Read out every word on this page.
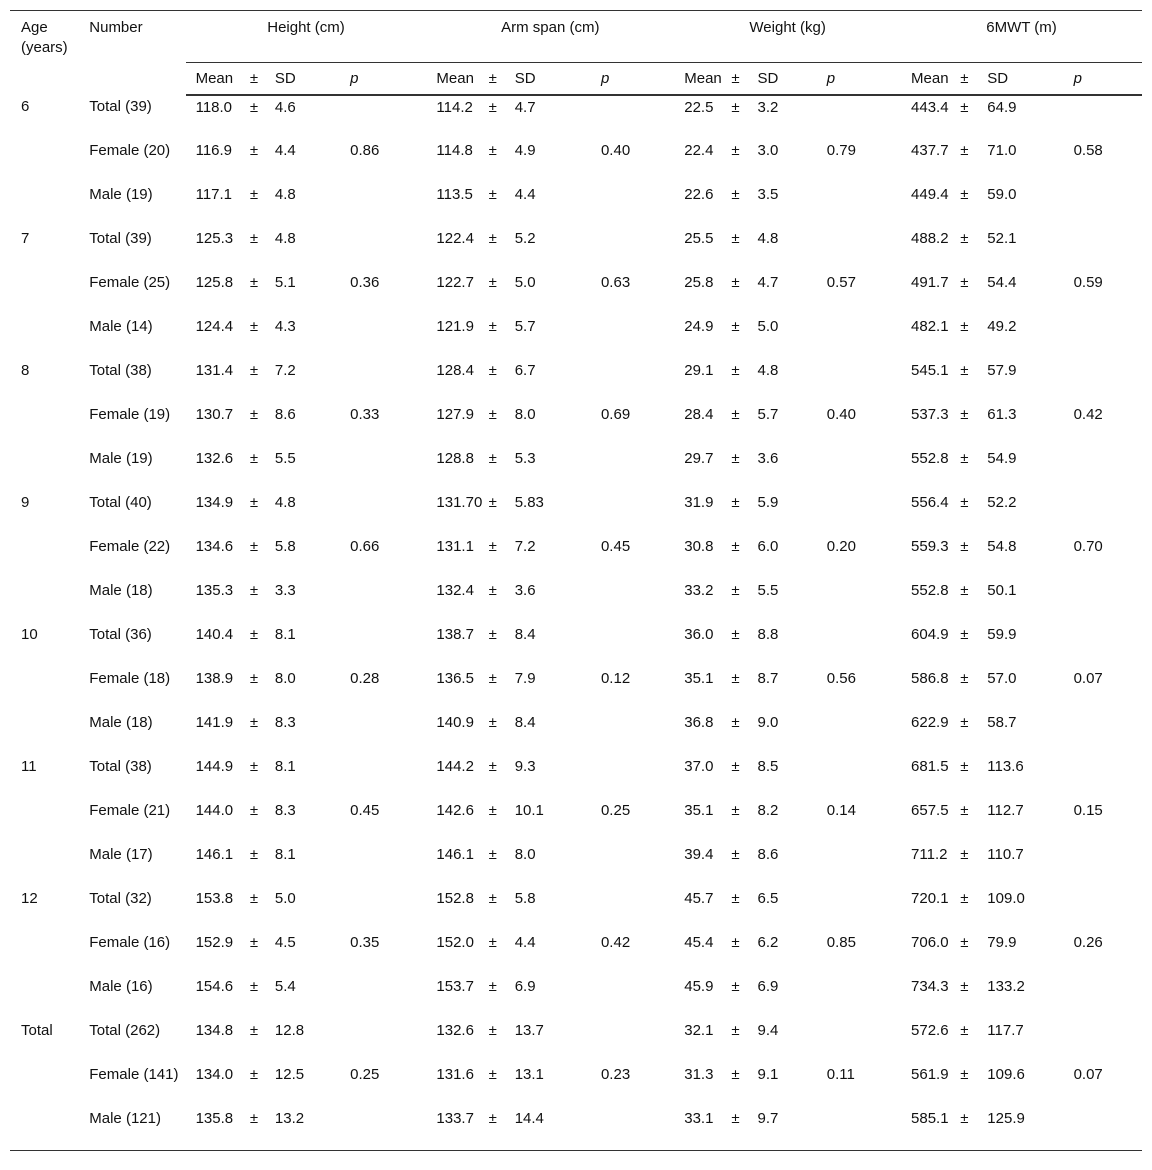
Age (years)	Number	Height (cm)				Arm span (cm)				Weight (kg)				6MWT (m)			
		Mean	±	SD	p	Mean	±	SD	p	Mean	±	SD	p	Mean	±	SD	p
6	Total (39)	118.0	±	4.6		114.2	±	4.7		22.5	±	3.2		443.4	±	64.9	
	Female (20)	116.9	±	4.4	0.86	114.8	±	4.9	0.40	22.4	±	3.0	0.79	437.7	±	71.0	0.58
	Male (19)	117.1	±	4.8		113.5	±	4.4		22.6	±	3.5		449.4	±	59.0	
7	Total (39)	125.3	±	4.8		122.4	±	5.2		25.5	±	4.8		488.2	±	52.1	
	Female (25)	125.8	±	5.1	0.36	122.7	±	5.0	0.63	25.8	±	4.7	0.57	491.7	±	54.4	0.59
	Male (14)	124.4	±	4.3		121.9	±	5.7		24.9	±	5.0		482.1	±	49.2	
8	Total (38)	131.4	±	7.2		128.4	±	6.7		29.1	±	4.8		545.1	±	57.9	
	Female (19)	130.7	±	8.6	0.33	127.9	±	8.0	0.69	28.4	±	5.7	0.40	537.3	±	61.3	0.42
	Male (19)	132.6	±	5.5		128.8	±	5.3		29.7	±	3.6		552.8	±	54.9	
9	Total (40)	134.9	±	4.8		131.70	±	5.83		31.9	±	5.9		556.4	±	52.2	
	Female (22)	134.6	±	5.8	0.66	131.1	±	7.2	0.45	30.8	±	6.0	0.20	559.3	±	54.8	0.70
	Male (18)	135.3	±	3.3		132.4	±	3.6		33.2	±	5.5		552.8	±	50.1	
10	Total (36)	140.4	±	8.1		138.7	±	8.4		36.0	±	8.8		604.9	±	59.9	
	Female (18)	138.9	±	8.0	0.28	136.5	±	7.9	0.12	35.1	±	8.7	0.56	586.8	±	57.0	0.07
	Male (18)	141.9	±	8.3		140.9	±	8.4		36.8	±	9.0		622.9	±	58.7	
11	Total (38)	144.9	±	8.1		144.2	±	9.3		37.0	±	8.5		681.5	±	113.6	
	Female (21)	144.0	±	8.3	0.45	142.6	±	10.1	0.25	35.1	±	8.2	0.14	657.5	±	112.7	0.15
	Male (17)	146.1	±	8.1		146.1	±	8.0		39.4	±	8.6		711.2	±	110.7	
12	Total (32)	153.8	±	5.0		152.8	±	5.8		45.7	±	6.5		720.1	±	109.0	
	Female (16)	152.9	±	4.5	0.35	152.0	±	4.4	0.42	45.4	±	6.2	0.85	706.0	±	79.9	0.26
	Male (16)	154.6	±	5.4		153.7	±	6.9		45.9	±	6.9		734.3	±	133.2	
Total	Total (262)	134.8	±	12.8		132.6	±	13.7		32.1	±	9.4		572.6	±	117.7	
	Female (141)	134.0	±	12.5	0.25	131.6	±	13.1	0.23	31.3	±	9.1	0.11	561.9	±	109.6	0.07
	Male (121)	135.8	±	13.2		133.7	±	14.4		33.1	±	9.7		585.1	±	125.9	
